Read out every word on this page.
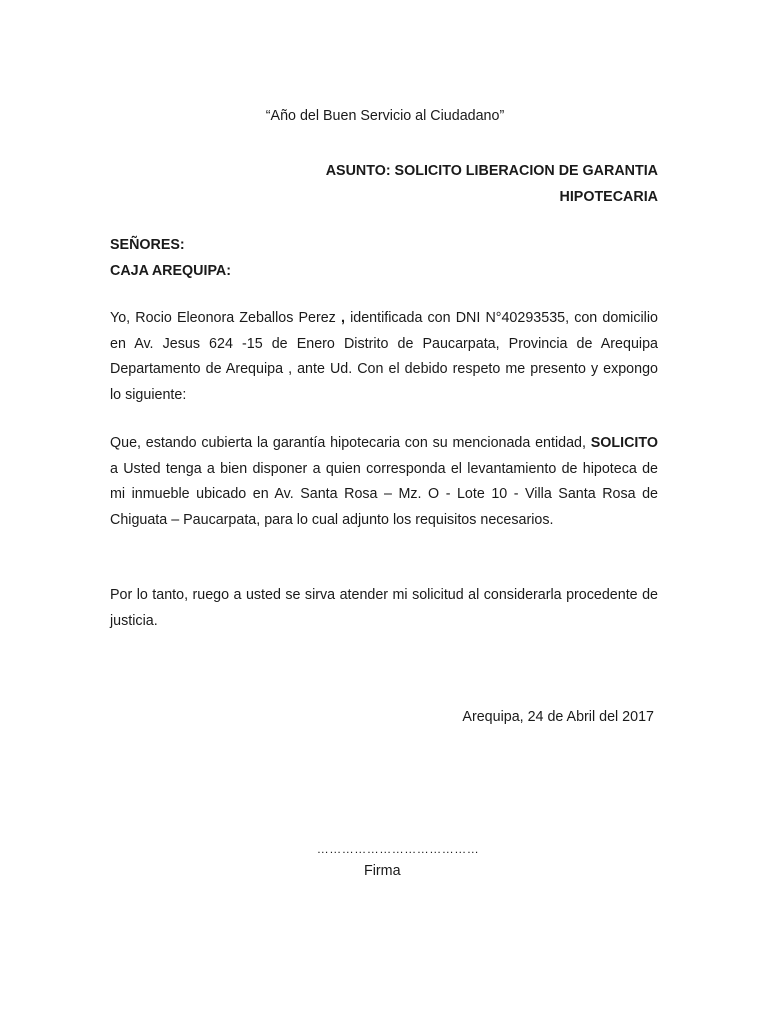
“Año del Buen Servicio al Ciudadano”
ASUNTO: SOLICITO LIBERACION DE GARANTIA
HIPOTECARIA
SEÑORES:
CAJA AREQUIPA:
Yo, Rocio Eleonora Zeballos Perez , identificada con DNI N°40293535, con domicilio en Av. Jesus 624 -15 de Enero Distrito de Paucarpata, Provincia de Arequipa Departamento de Arequipa , ante Ud. Con el debido respeto me presento y expongo lo siguiente:
Que, estando cubierta la garantía hipotecaria con su mencionada entidad, SOLICITO a Usted tenga a bien disponer a quien corresponda el levantamiento de hipoteca de mi inmueble ubicado en Av. Santa Rosa – Mz. O - Lote 10 - Villa Santa Rosa de Chiguata – Paucarpata, para lo cual adjunto los requisitos necesarios.
Por lo tanto, ruego a usted se sirva atender mi solicitud al considerarla procedente de justicia.
Arequipa, 24 de Abril del 2017
…………………………………
Firma
